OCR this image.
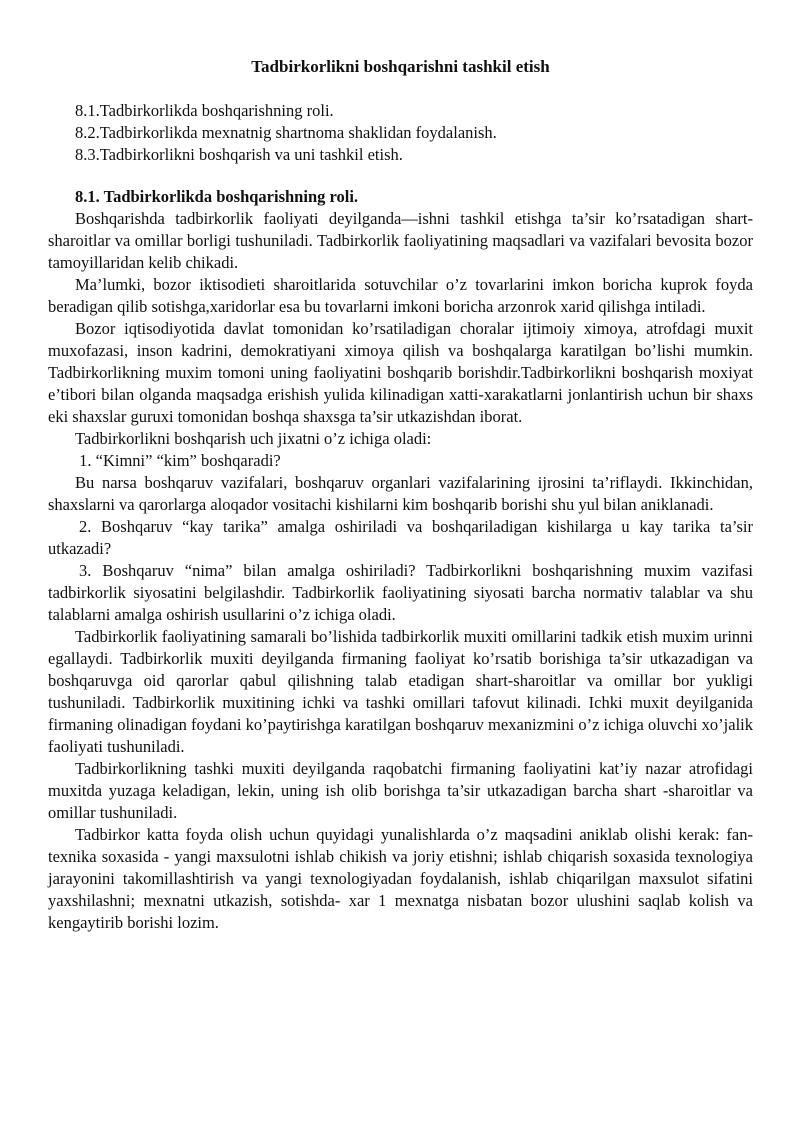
Tadbirkorlikni boshqarishni tashkil etish
8.1.Tadbirkorlikda boshqarishning roli.
8.2.Tadbirkorlikda mexnatnig shartnoma shaklidan foydalanish.
8.3.Tadbirkorlikni boshqarish va uni tashkil etish.
8.1. Tadbirkorlikda boshqarishning roli.

Boshqarishda tadbirkorlik faoliyati deyilganda—ishni tashkil etishga ta’sir ko’rsatadigan shart-sharoitlar va omillar borligi tushuniladi. Tadbirkorlik faoliyatining maqsadlari va vazifalari bevosita bozor tamoyillaridan kelib chikadi.

Ma’lumki, bozor iktisodieti sharoitlarida sotuvchilar o’z tovarlarini imkon boricha kuprok foyda beradigan qilib sotishga,xaridorlar esa bu tovarlarni imkoni boricha arzonrok xarid qilishga intiladi.

Bozor iqtisodiyotida davlat tomonidan ko’rsatiladigan choralar ijtimoiy ximoya, atrofdagi muxit muxofazasi, inson kadrini, demokratiyani ximoya qilish va boshqalarga karatilgan bo’lishi mumkin. Tadbirkorlikning muxim tomoni uning faoliyatini boshqarib borishdir.Tadbirkorlikni boshqarish moxiyat e’tibori bilan olganda maqsadga erishish yulida kilinadigan xatti-xarakatlarni jonlantirish uchun bir shaxs eki shaxslar guruxi tomonidan boshqa shaxsga ta’sir utkazishdan iborat.

Tadbirkorlikni boshqarish uch jixatni o’z ichiga oladi:

1. “Kimni” “kim” boshqaradi?

Bu narsa boshqaruv vazifalari, boshqaruv organlari vazifalarining ijrosini ta’riflaydi. Ikkinchidan, shaxslarni va qarorlarga aloqador vositachi kishilarni kim boshqarib borishi shu yul bilan aniklanadi.

2. Boshqaruv “kay tarika” amalga oshiriladi va boshqariladigan kishilarga u kay tarika ta’sir utkazadi?

3. Boshqaruv “nima” bilan amalga oshiriladi? Tadbirkorlikni boshqarishning muxim vazifasi tadbirkorlik siyosatini belgilashdir. Tadbirkorlik faoliyatining siyosati barcha normativ talablar va shu talablarni amalga oshirish usullarini o’z ichiga oladi.

Tadbirkorlik faoliyatining samarali bo’lishida tadbirkorlik muxiti omillarini tadkik etish muxim urinni egallaydi. Tadbirkorlik muxiti deyilganda firmaning faoliyat ko’rsatib borishiga ta’sir utkazadigan va boshqaruvga oid qarorlar qabul qilishning talab etadigan shart-sharoitlar va omillar bor yukligi tushuniladi. Tadbirkorlik muxitining ichki va tashki omillari tafovut kilinadi. Ichki muxit deyilganida firmaning olinadigan foydani ko’paytirishga karatilgan boshqaruv mexanizmini o’z ichiga oluvchi xo’jalik faoliyati tushuniladi.

Tadbirkorlikning tashki muxiti deyilganda raqobatchi firmaning faoliyatini kat’iy nazar atrofidagi muxitda yuzaga keladigan, lekin, uning ish olib borishga ta’sir utkazadigan barcha shart -sharoitlar va omillar tushuniladi.

Tadbirkor katta foyda olish uchun quyidagi yunalishlarda o’z maqsadini aniklab olishi kerak: fan-texnika soxasida - yangi maxsulotni ishlab chikish va joriy etishni; ishlab chiqarish soxasida texnologiya jarayonini takomillashtirish va yangi texnologiyadan foydalanish, ishlab chiqarilgan maxsulot sifatini yaxshilashni; mexnatni utkazish, sotishda- xar 1 mexnatga nisbatan bozor ulushini saqlab kolish va kengaytirib borishi lozim.
